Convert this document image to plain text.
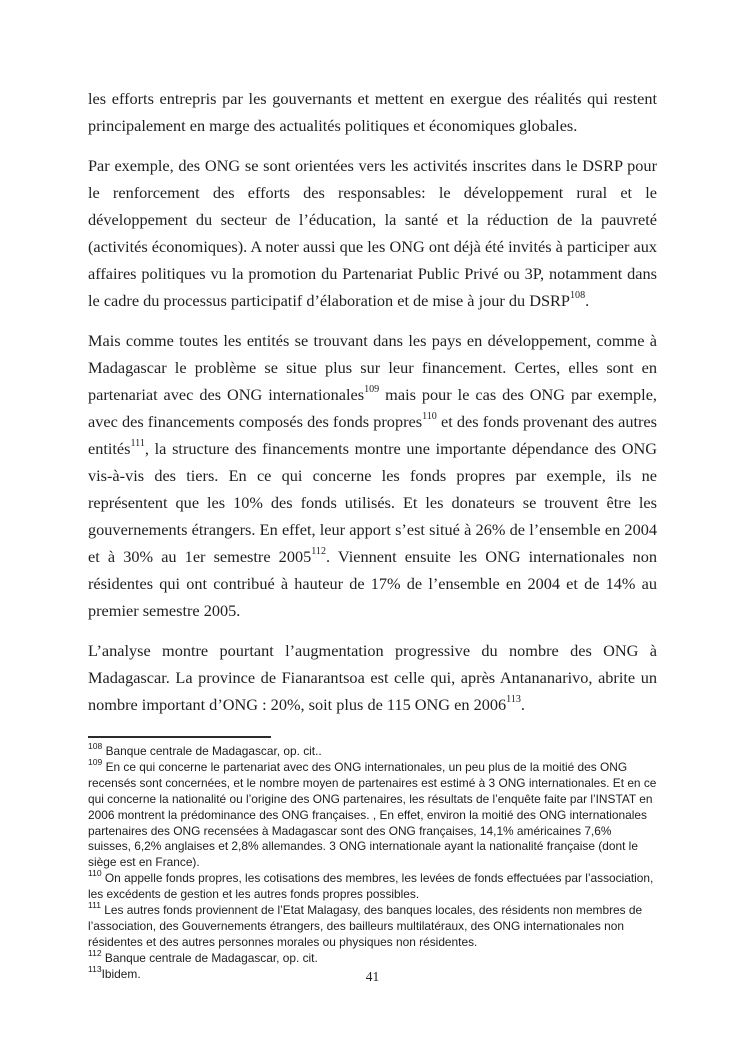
les efforts entrepris par les gouvernants et mettent en exergue des réalités qui restent principalement en marge des actualités politiques et économiques globales.

Par exemple, des ONG se sont orientées vers les activités inscrites dans le DSRP pour le renforcement des efforts des responsables: le développement rural et le développement du secteur de l’éducation, la santé et la réduction de la pauvreté (activités économiques). A noter aussi que les ONG ont déjà été invités à participer aux affaires politiques vu la promotion du Partenariat Public Privé ou 3P, notamment dans le cadre du processus participatif d’élaboration et de mise à jour du DSRP$^{108}$.

Mais comme toutes les entités se trouvant dans les pays en développement, comme à Madagascar le problème se situe plus sur leur financement. Certes, elles sont en partenariat avec des ONG internationales$^{109}$ mais pour le cas des ONG par exemple, avec des financements composés des fonds propres$^{110}$ et des fonds provenant des autres entités$^{111}$, la structure des financements montre une importante dépendance des ONG vis-à-vis des tiers. En ce qui concerne les fonds propres par exemple, ils ne représentent que les 10% des fonds utilisés. Et les donateurs se trouvent être les gouvernements étrangers. En effet, leur apport s’est situé à 26% de l’ensemble en 2004 et à 30% au 1er semestre 2005$^{112}$. Viennent ensuite les ONG internationales non résidentes qui ont contribué à hauteur de 17% de l’ensemble en 2004 et de 14% au premier semestre 2005.

L’analyse montre pourtant l’augmentation progressive du nombre des ONG à Madagascar. La province de Fianarantsoa est celle qui, après Antananarivo, abrite un nombre important d’ONG : 20%, soit plus de 115 ONG en 2006$^{113}$.

$^{108}$ Banque centrale de Madagascar, op. cit..
$^{109}$ En ce qui concerne le partenariat avec des ONG internationales, un peu plus de la moitié des ONG recensés sont concernées, et le nombre moyen de partenaires est estimé à 3 ONG internationales. Et en ce qui concerne la nationalité ou l’origine des ONG partenaires, les résultats de l’enquête faite par l’INSTAT en 2006 montrent la prédominance des ONG françaises. , En effet, environ la moitié des ONG internationales partenaires des ONG recensées à Madagascar sont des ONG françaises, 14,1% américaines 7,6% suisses, 6,2% anglaises et 2,8% allemandes. 3 ONG internationale ayant la nationalité française (dont le siège est en France).
$^{110}$ On appelle fonds propres, les cotisations des membres, les levées de fonds effectuées par l’association, les excédents de gestion et les autres fonds propres possibles.
$^{111}$ Les autres fonds proviennent de l’Etat Malagasy, des banques locales, des résidents non membres de l’association, des Gouvernements étrangers, des bailleurs multilatéraux, des ONG internationales non résidentes et des autres personnes morales ou physiques non résidentes.
$^{112}$ Banque centrale de Madagascar, op. cit.
$^{113}$Ibidem.	41
